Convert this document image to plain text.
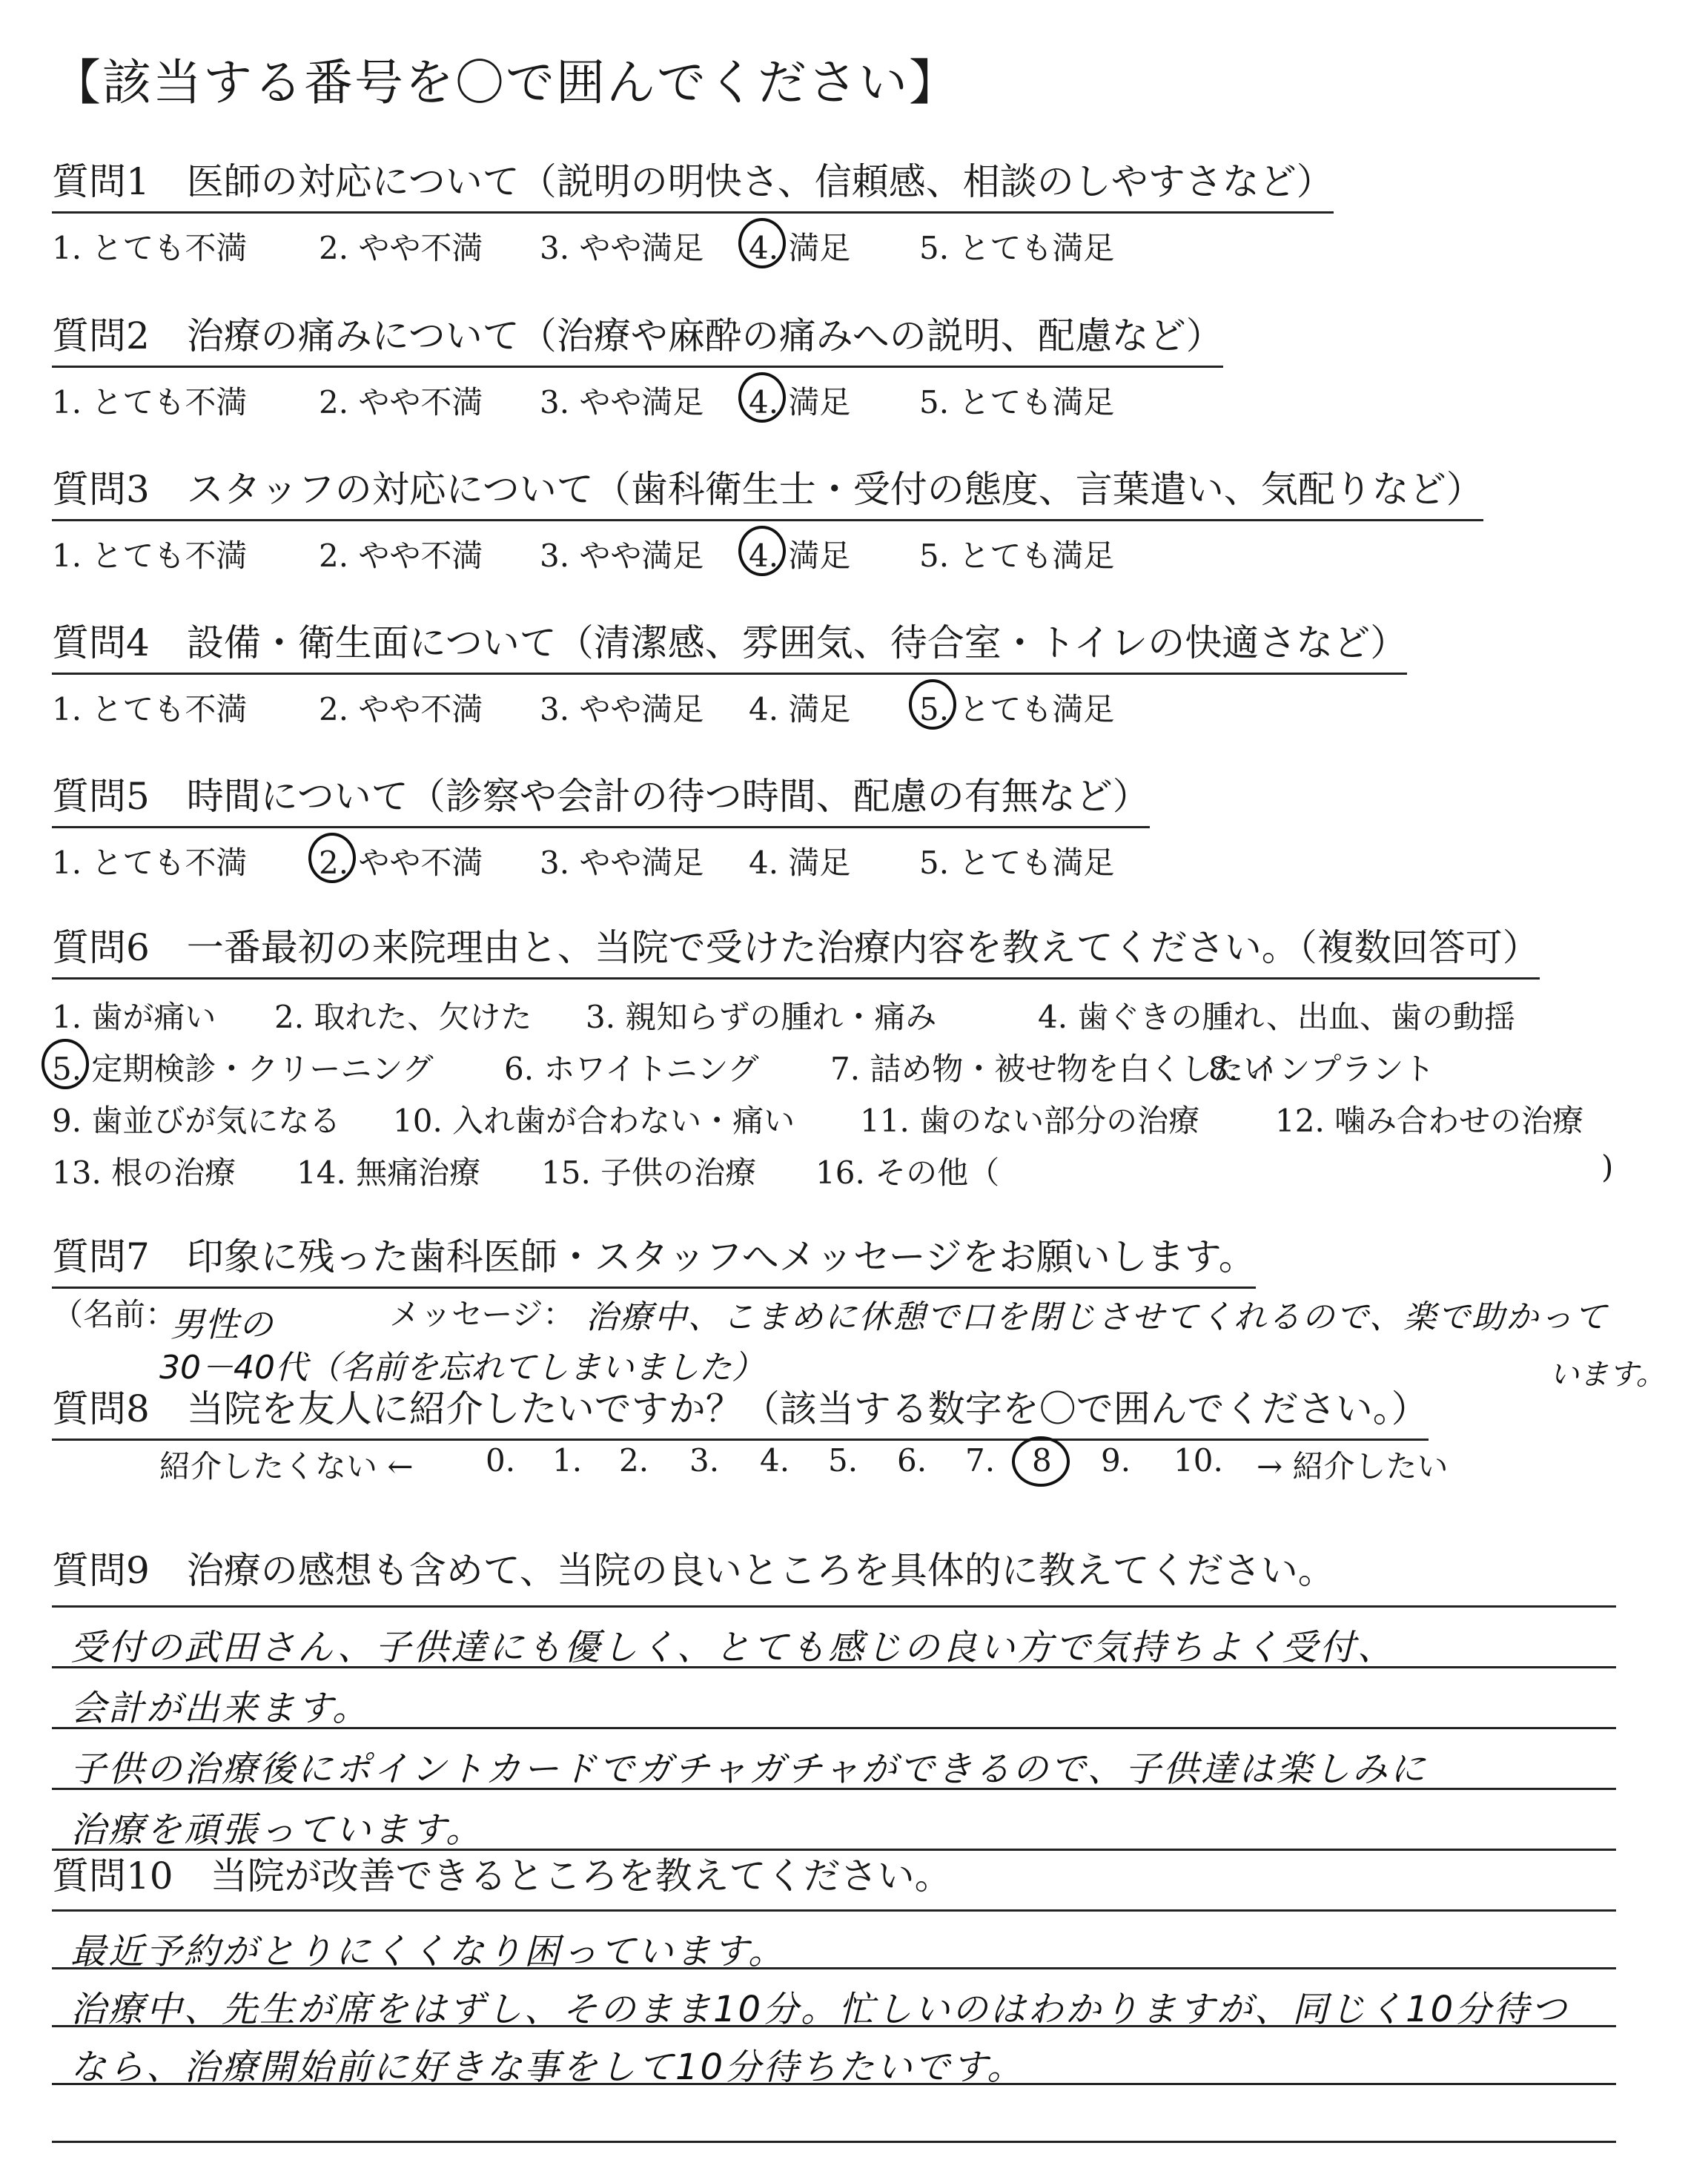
【該当する番号を〇で囲んでください】
質問1　医師の対応について（説明の明快さ、信頼感、相談のしやすさなど）
1. とても不満 2. やや不満 3. やや満足 4. 満足 5. とても満足
質問2　治療の痛みについて（治療や麻酔の痛みへの説明、配慮など）
1. とても不満 2. やや不満 3. やや満足 4. 満足 5. とても満足
質問3　スタッフの対応について（歯科衛生士・受付の態度、言葉遣い、気配りなど）
1. とても不満 2. やや不満 3. やや満足 4. 満足 5. とても満足
質問4　設備・衛生面について（清潔感、雰囲気、待合室・トイレの快適さなど）
1. とても不満 2. やや不満 3. やや満足 4. 満足 5. とても満足
質問5　時間について（診察や会計の待つ時間、配慮の有無など）
1. とても不満 2. やや不満 3. やや満足 4. 満足 5. とても満足
質問6　一番最初の来院理由と、当院で受けた治療内容を教えてください。（複数回答可）
1. 歯が痛い 2. 取れた、欠けた 3. 親知らずの腫れ・痛み	4. 歯ぐきの腫れ、出血、歯の動揺
5. 定期検診・クリーニング 6. ホワイトニング 7. 詰め物・被せ物を白くしたい
8. インプラント
9. 歯並びが気になる 10. 入れ歯が合わない・痛い 11. 歯のない部分の治療 12. 噛み合わせの治療
13. 根の治療 14. 無痛治療 15. 子供の治療 16. その他（	)
質問7　印象に残った歯科医師・スタッフへメッセージをお願いします。
（名前：	メッセージ：
男性の
30－40代（名前を忘れてしまいました）
治療中、こまめに休憩で口を閉じさせてくれるので、楽で助かって
います。
質問8　当院を友人に紹介したいですか？（該当する数字を〇で囲んでください。）
紹介したくない ← 0. 1. 2. 3. 4. 5. 6. 7. 8 9. 10. → 紹介したい
質問9　治療の感想も含めて、当院の良いところを具体的に教えてください。
受付の武田さん、子供達にも優しく、とても感じの良い方で気持ちよく受付、
会計が出来ます。
子供の治療後にポイントカードでガチャガチャができるので、子供達は楽しみに
治療を頑張っています。
質問10　当院が改善できるところを教えてください。
最近予約がとりにくくなり困っています。
治療中、先生が席をはずし、そのまま10分。忙しいのはわかりますが、同じく10分待つ
なら、治療開始前に好きな事をして10分待ちたいです。
